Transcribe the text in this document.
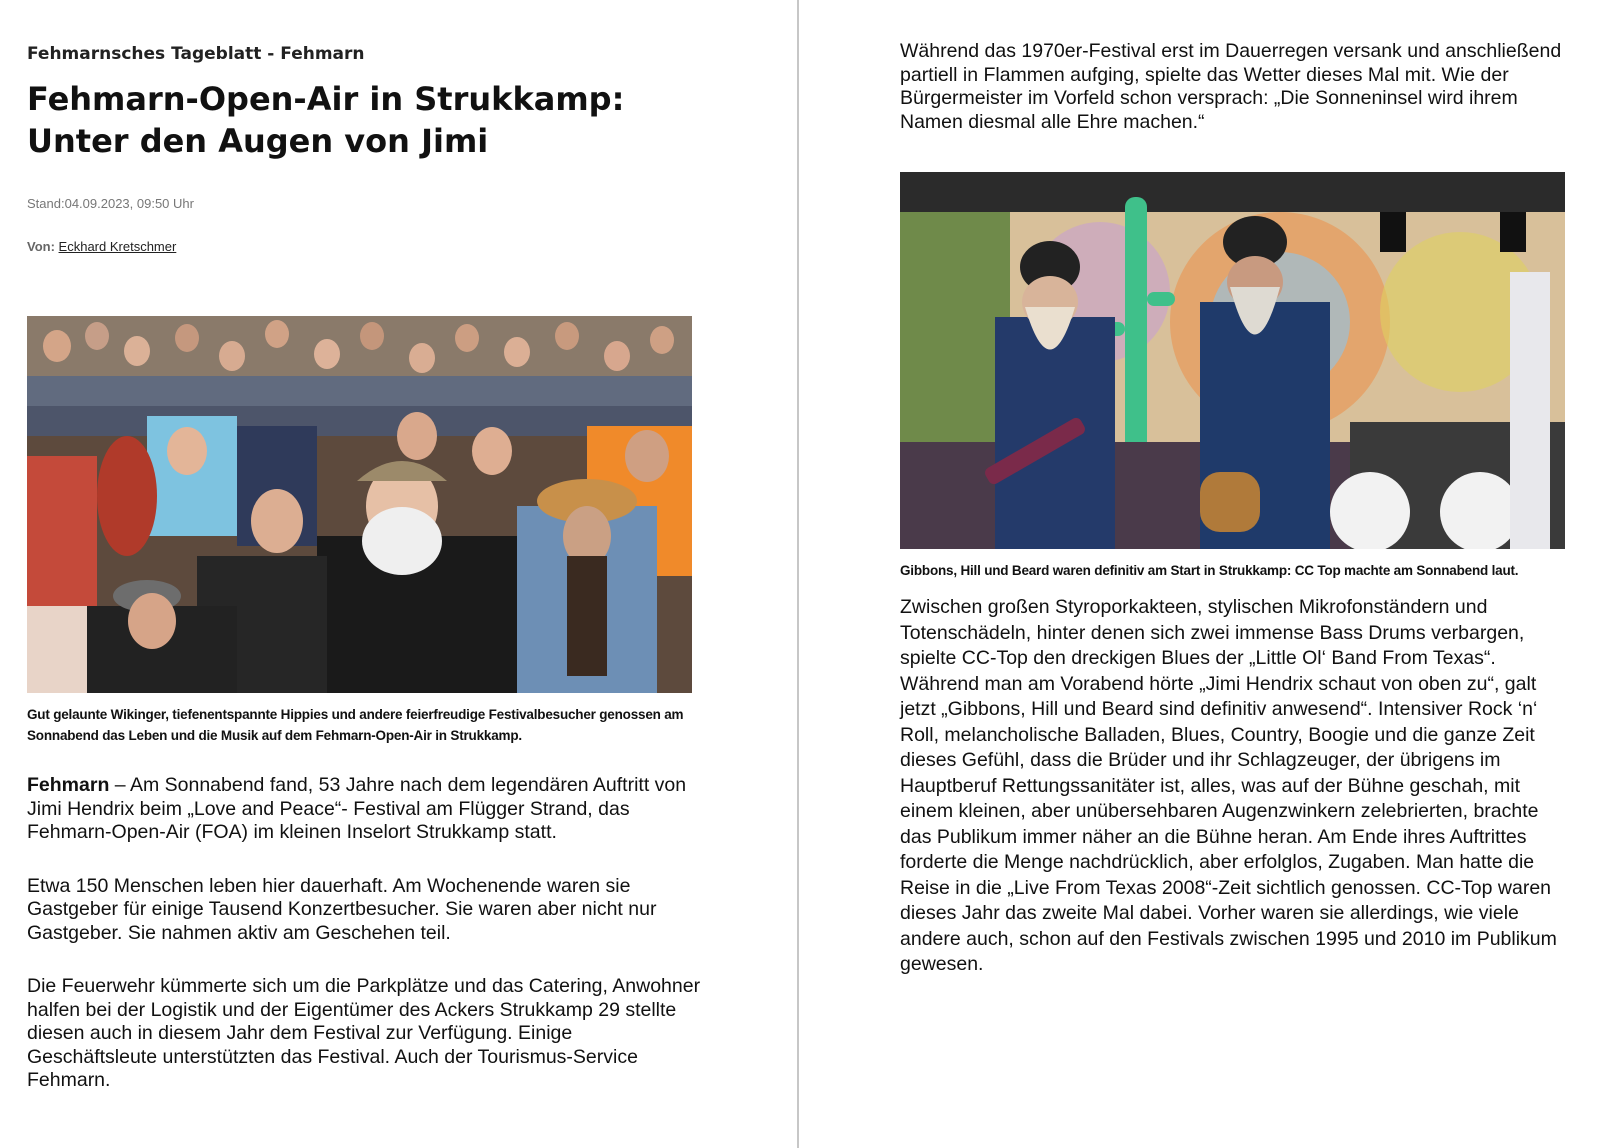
Fehmarnsches Tageblatt - Fehmarn
Fehmarn-Open-Air in Strukkamp:
Unter den Augen von Jimi
Stand:04.09.2023, 09:50 Uhr
Von: Eckhard Kretschmer
Gut gelaunte Wikinger, tiefenentspannte Hippies und andere feierfreudige Festivalbesucher genossen am Sonnabend das Leben und die Musik auf dem Fehmarn-Open-Air in Strukkamp.

Fehmarn – Am Sonnabend fand, 53 Jahre nach dem legendären Auftritt von Jimi Hendrix beim „Love and Peace“- Festival am Flügger Strand, das Fehmarn-Open-Air (FOA) im kleinen Inselort Strukkamp statt.

Etwa 150 Menschen leben hier dauerhaft. Am Wochenende waren sie Gastgeber für einige Tausend Konzertbesucher. Sie waren aber nicht nur Gastgeber. Sie nahmen aktiv am Geschehen teil.

Die Feuerwehr kümmerte sich um die Parkplätze und das Catering, Anwohner halfen bei der Logistik und der Eigentümer des Ackers Strukkamp 29 stellte diesen auch in diesem Jahr dem Festival zur Verfügung. Einige Geschäftsleute unterstützten das Festival. Auch der Tourismus-Service Fehmarn.

Während das 1970er-Festival erst im Dauerregen versank und anschließend partiell in Flammen aufging, spielte das Wetter dieses Mal mit. Wie der Bürgermeister im Vorfeld schon versprach: „Die Sonneninsel wird ihrem Namen diesmal alle Ehre machen.“

Gibbons, Hill und Beard waren definitiv am Start in Strukkamp: CC Top machte am Sonnabend laut.

Zwischen großen Styroporkakteen, stylischen Mikrofonständern und Totenschädeln, hinter denen sich zwei immense Bass Drums verbargen, spielte CC-Top den dreckigen Blues der „Little Ol‘ Band From Texas“. Während man am Vorabend hörte „Jimi Hendrix schaut von oben zu“, galt jetzt „Gibbons, Hill und Beard sind definitiv anwesend“. Intensiver Rock ‘n‘ Roll, melancholische Balladen, Blues, Country, Boogie und die ganze Zeit dieses Gefühl, dass die Brüder und ihr Schlagzeuger, der übrigens im Hauptberuf Rettungssanitäter ist, alles, was auf der Bühne geschah, mit einem kleinen, aber unübersehbaren Augenzwinkern zelebrierten, brachte das Publikum immer näher an die Bühne heran. Am Ende ihres Auftrittes forderte die Menge nachdrücklich, aber erfolglos, Zugaben. Man hatte die Reise in die „Live From Texas 2008“-Zeit sichtlich genossen. CC-Top waren dieses Jahr das zweite Mal dabei. Vorher waren sie allerdings, wie viele andere auch, schon auf den Festivals zwischen 1995 und 2010 im Publikum gewesen.
